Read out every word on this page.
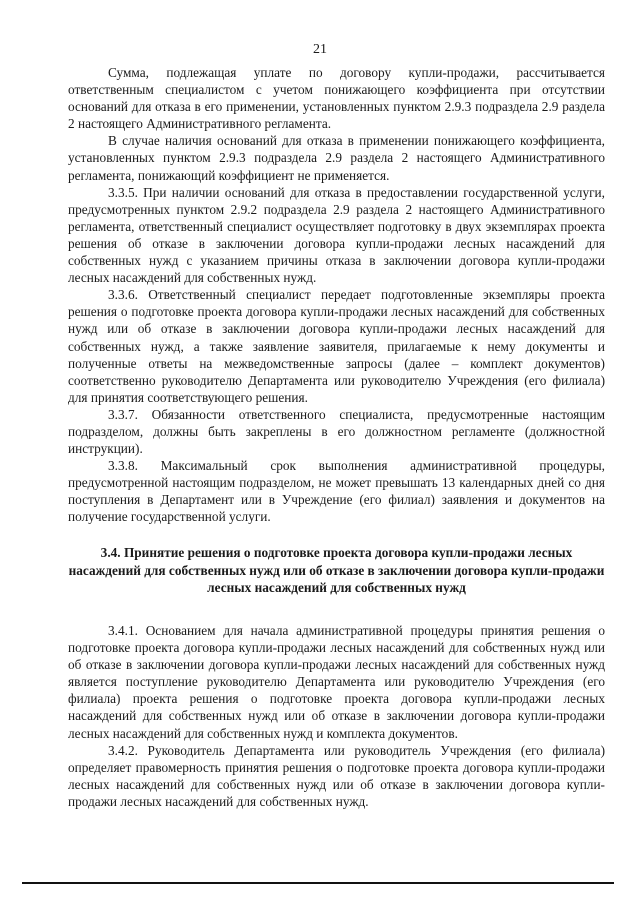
21

Сумма, подлежащая уплате по договору купли-продажи, рассчитывается ответственным специалистом с учетом понижающего коэффициента при отсутствии оснований для отказа в его применении, установленных пунктом 2.9.3 подраздела 2.9 раздела 2 настоящего Административного регламента.

В случае наличия оснований для отказа в применении понижающего коэффициента, установленных пунктом 2.9.3 подраздела 2.9 раздела 2 настоящего Административного регламента, понижающий коэффициент не применяется.

3.3.5. При наличии оснований для отказа в предоставлении государственной услуги, предусмотренных пунктом 2.9.2 подраздела 2.9 раздела 2 настоящего Административного регламента, ответственный специалист осуществляет подготовку в двух экземплярах проекта решения об отказе в заключении договора купли-продажи лесных насаждений для собственных нужд с указанием причины отказа в заключении договора купли-продажи лесных насаждений для собственных нужд.

3.3.6. Ответственный специалист передает подготовленные экземпляры проекта решения о подготовке проекта договора купли-продажи лесных насаждений для собственных нужд или об отказе в заключении договора купли-продажи лесных насаждений для собственных нужд, а также заявление заявителя, прилагаемые к нему документы и полученные ответы на межведомственные запросы (далее – комплект документов) соответственно руководителю Департамента или руководителю Учреждения (его филиала) для принятия соответствующего решения.

3.3.7. Обязанности ответственного специалиста, предусмотренные настоящим подразделом, должны быть закреплены в его должностном регламенте (должностной инструкции).

3.3.8. Максимальный срок выполнения административной процедуры, предусмотренной настоящим подразделом, не может превышать 13 календарных дней со дня поступления в Департамент или в Учреждение (его филиал) заявления и документов на получение государственной услуги.

3.4. Принятие решения о подготовке проекта договора купли-продажи лесных насаждений для собственных нужд или об отказе в заключении договора купли-продажи лесных насаждений для собственных нужд

3.4.1. Основанием для начала административной процедуры принятия решения о подготовке проекта договора купли-продажи лесных насаждений для собственных нужд или об отказе в заключении договора купли-продажи лесных насаждений для собственных нужд является поступление руководителю Департамента или руководителю Учреждения (его филиала) проекта решения о подготовке проекта договора купли-продажи лесных насаждений для собственных нужд или об отказе в заключении договора купли-продажи лесных насаждений для собственных нужд и комплекта документов.

3.4.2. Руководитель Департамента или руководитель Учреждения (его филиала) определяет правомерность принятия решения о подготовке проекта договора купли-продажи лесных насаждений для собственных нужд или об отказе в заключении договора купли-продажи лесных насаждений для собственных нужд.
